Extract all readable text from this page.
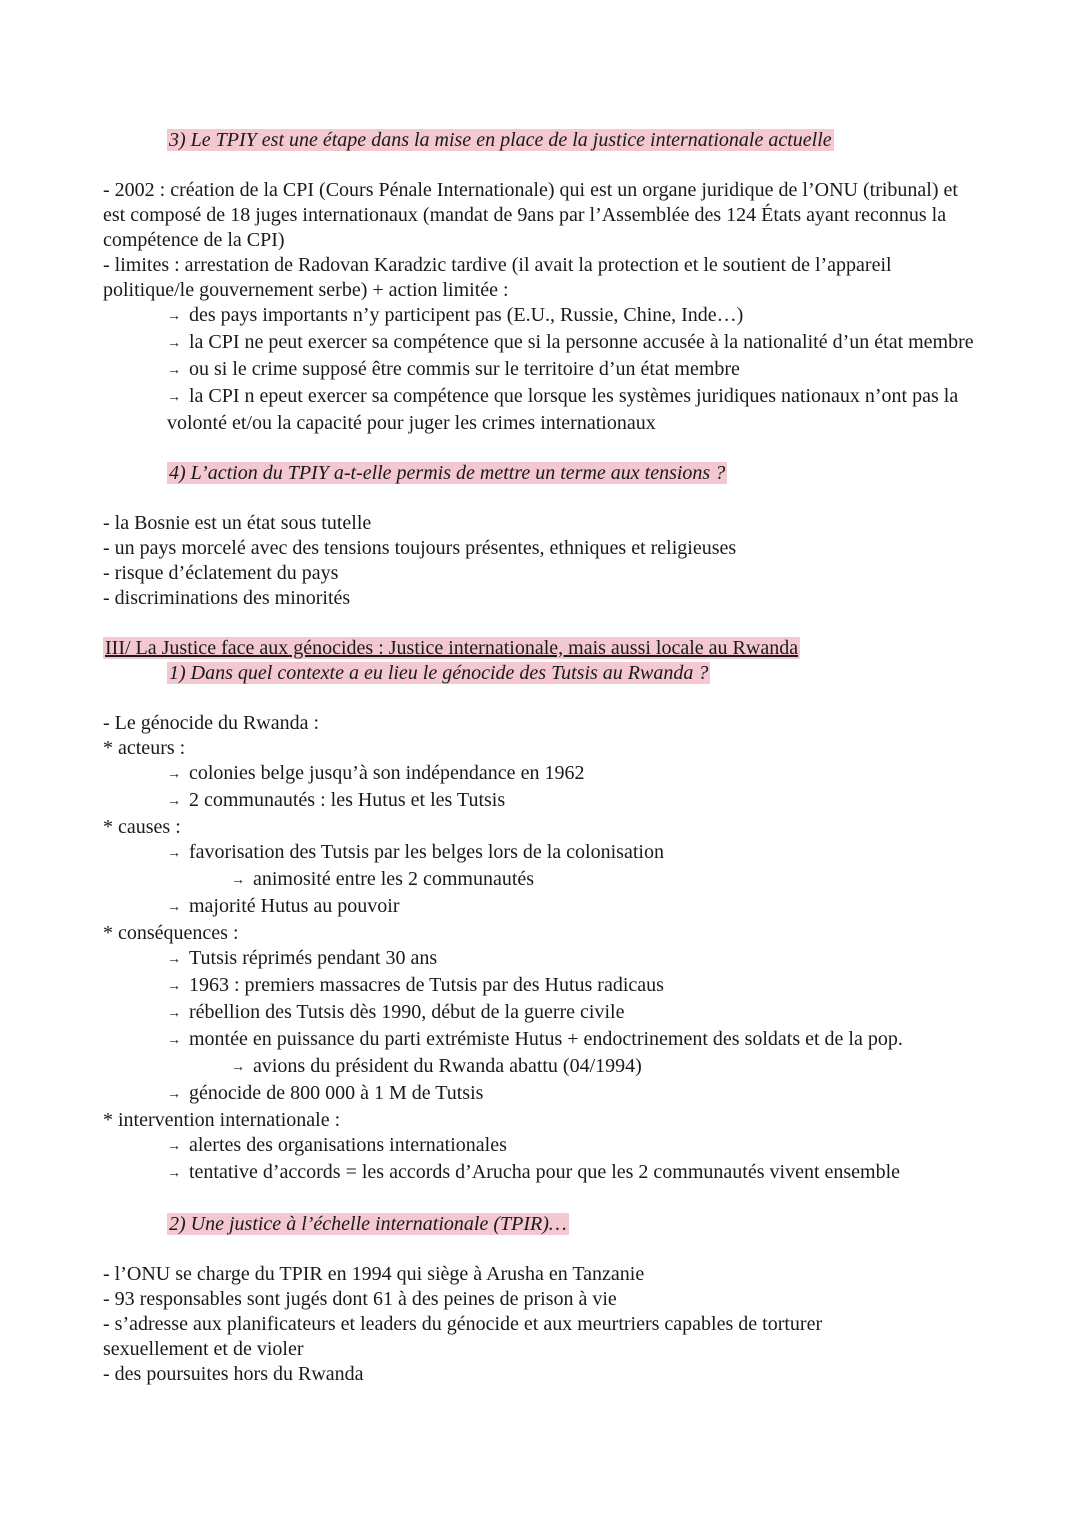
3) Le TPIY est une étape dans la mise en place de la justice internationale actuelle
- 2002 : création de la CPI (Cours Pénale Internationale) qui est un organe juridique de l’ONU (tribunal) et est composé de 18 juges internationaux (mandat de 9ans par l’Assemblée des 124 États ayant reconnus la compétence de la CPI)
- limites : arrestation de Radovan Karadzic tardive (il avait la protection et le soutient de l’appareil politique/le gouvernement serbe) + action limitée :
→ des pays importants n’y participent pas (E.U., Russie, Chine, Inde…)
→ la CPI ne peut exercer sa compétence que si la personne accusée à la nationalité d’un état membre
→ ou si le crime supposé être commis sur le territoire d’un état membre
→ la CPI n epeut exercer sa compétence que lorsque les systèmes juridiques nationaux n’ont pas la volonté et/ou la capacité pour juger les crimes internationaux
4) L’action du TPIY a-t-elle permis de mettre un terme aux tensions ?
- la Bosnie est un état sous tutelle
- un pays morcelé avec des tensions toujours présentes, ethniques et religieuses
- risque d’éclatement du pays
- discriminations des minorités
III/ La Justice face aux génocides : Justice internationale, mais aussi locale au Rwanda
1) Dans quel contexte a eu lieu le génocide des Tutsis au Rwanda ?
- Le génocide du Rwanda :
* acteurs :
→ colonies belge jusqu’à son indépendance en 1962
→ 2 communautés : les Hutus et les Tutsis
* causes :
→ favorisation des Tutsis par les belges lors de la colonisation
→ animosité entre les 2 communautés
→ majorité Hutus au pouvoir
* conséquences :
→ Tutsis réprimés pendant 30 ans
→ 1963 : premiers massacres de Tutsis par des Hutus radicaus
→ rébellion des Tutsis dès 1990, début de la guerre civile
→ montée en puissance du parti extrémiste Hutus + endoctrinement des soldats et de la pop.
→ avions du président du Rwanda abattu (04/1994)
→ génocide de 800 000 à 1 M de Tutsis
* intervention internationale :
→ alertes des organisations internationales
→ tentative d’accords = les accords d’Arucha pour que les 2 communautés vivent ensemble
2) Une justice à l’échelle internationale (TPIR)…
- l’ONU se charge du TPIR en 1994 qui siège à Arusha en Tanzanie
- 93 responsables sont jugés dont 61 à des peines de prison à vie
- s’adresse aux planificateurs et leaders du génocide et aux meurtriers capables de torturer sexuellement et de violer
- des poursuites hors du Rwanda
